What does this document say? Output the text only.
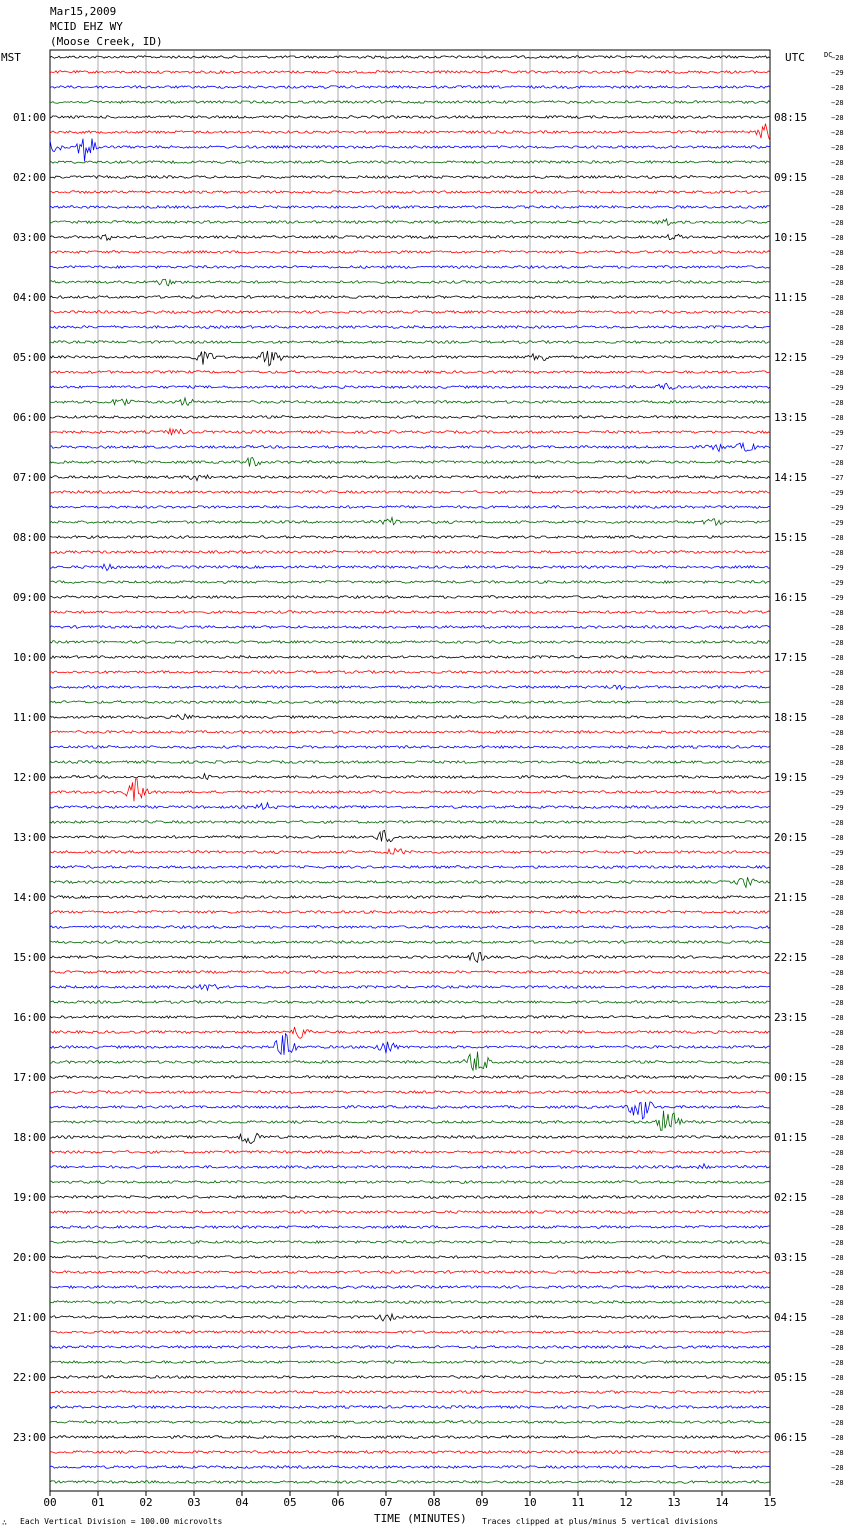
01:00
02:00
03:00
04:00
05:00
06:00
07:00
08:00
09:00
10:00
11:00
12:00
13:00
14:00
15:00
16:00
17:00
18:00
19:00
20:00
21:00
22:00
23:00
08:15
09:15
10:15
11:15
12:15
13:15
14:15
15:15
16:15
17:15
18:15
19:15
20:15
21:15
22:15
23:15
00:15
01:15
02:15
03:15
04:15
05:15
06:15
−28
−29
−28
−28
−28
−28
−28
−28
−28
−28
−28
−28
−28
−28
−28
−28
−28
−28
−28
−28
−29
−28
−29
−28
−28
−29
−27
−28
−27
−29
−29
−29
−28
−28
−29
−29
−29
−28
−28
−28
−28
−28
−28
−28
−28
−28
−28
−28
−29
−29
−29
−28
−28
−29
−28
−28
−28
−28
−28
−28
−28
−28
−28
−28
−28
−28
−28
−28
−28
−28
−28
−28
−28
−28
−28
−28
−28
−28
−28
−28
−28
−28
−28
−28
−28
−28
−28
−28
−28
−28
−28
−28
−28
−28
−28
−28
00	01	02	03	04	05	06	07	08	09	10	11	12	13	14	15
MST	UTC	DC
TIME (MINUTES)
Each Vertical Division = 100.00 microvolts	Traces clipped at plus/minus 5 vertical divisions
∴
Mar15,2009
MCID EHZ WY
(Moose Creek, ID)
